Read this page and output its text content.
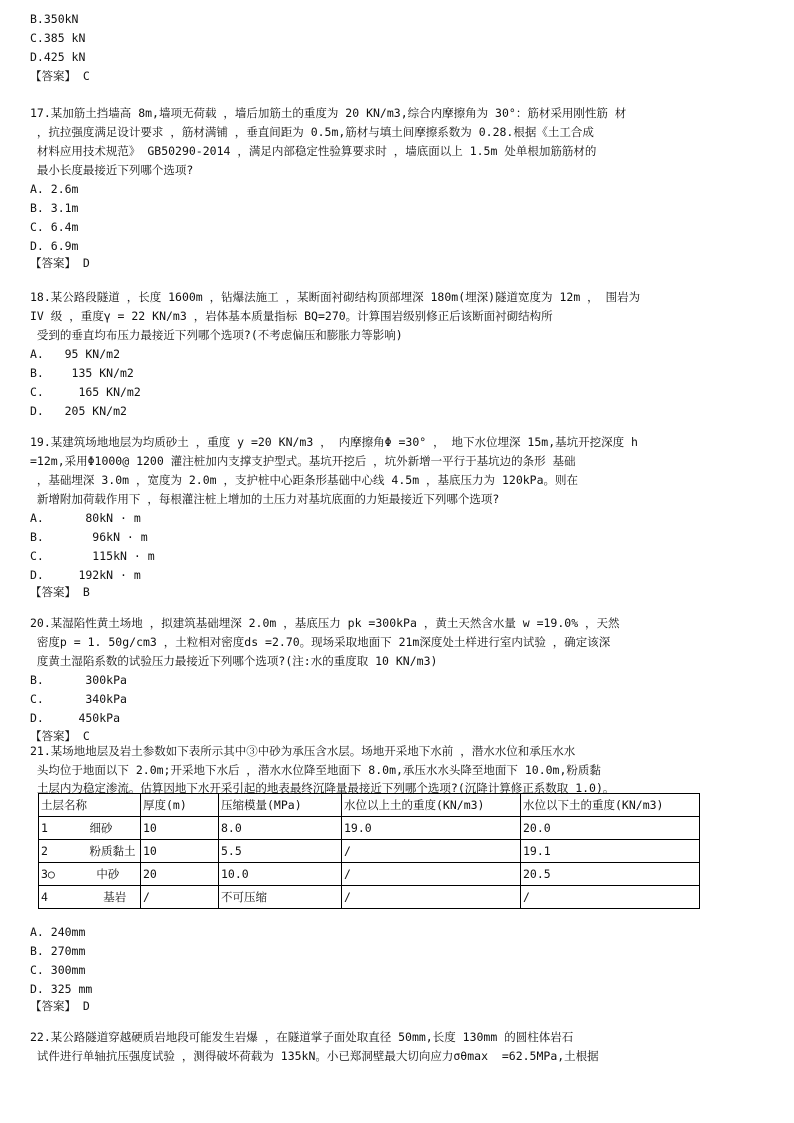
B.350kN
C.385 kN
D.425 kN
【答案】 C
17.某加筋土挡墙高 8m,墙项无荷载 ，墙后加筋土的重度为 20 KN/m3,综合内摩擦角为 30°：筋材采用刚性筋 材
，抗拉强度满足设计要求 ，筋材满铺 ，垂直间距为 0.5m,筋材与填土间摩擦系数为 0.28.根据《土工合成
材料应用技术规范》 GB50290-2014 ，满足内部稳定性验算要求时 ，墙底面以上 1.5m 处单根加筋筋材的
最小长度最接近下列哪个选项?
A. 2.6m
B. 3.1m
C. 6.4m
D. 6.9m
【答案】 D
18.某公路段隧道 ，长度 1600m ，钻爆法施工 ，某断面衬砌结构顶部埋深 180m(埋深)隧道宽度为 12m ， 围岩为
IV 级 ，重度γ = 22 KN/m3 ，岩体基本质量指标 BQ=270。计算围岩级别修正后该断面衬砌结构所
受到的垂直均布压力最接近下列哪个选项?(不考虑偏压和膨胀力等影响)
A.   95 KN/m2
B.    135 KN/m2
C.     165 KN/m2
D.   205 KN/m2
19.某建筑场地地层为均质砂土 ，重度 y =20 KN/m3 ， 内摩擦角Φ =30° ， 地下水位埋深 15m,基坑开挖深度 h
=12m,采用Φ1000@ 1200 灌注桩加内支撑支护型式。基坑开挖后 ，坑外新增一平行于基坑边的条形 基础
，基础埋深 3.0m ，宽度为 2.0m ，支护桩中心距条形基础中心线 4.5m ，基底压力为 120kPa。则在
新增附加荷载作用下 ，每根灌注桩上增加的土压力对基坑底面的力矩最接近下列哪个选项?
A.      80kN · m
B.       96kN · m
C.       115kN · m
D.     192kN · m
【答案】 B
20.某湿陷性黄土场地 ，拟建筑基础埋深 2.0m ，基底压力 pk =300kPa ，黄土天然含水量 w =19.0% ，天然
密度p = 1. 50g/cm3 ，土粒相对密度ds =2.70。现场采取地面下 21m深度处土样进行室内试验 ，确定该深
度黄土湿陷系数的试验压力最接近下列哪个选项?(注:水的重度取 10 KN/m3)
B.      300kPa
C.      340kPa
D.     450kPa
【答案】 C
21.某场地地层及岩土参数如下表所示其中③中砂为承压含水层。场地开采地下水前 ，潜水水位和承压水水
头均位于地面以下 2.0m;开采地下水后 ，潜水水位降至地面下 8.0m,承压水水头降至地面下 10.0m,粉质黏
土层内为稳定渗流。估算因地下水开采引起的地表最终沉降量最接近下列哪个选项?(沉降计算修正系数取 1.0)。
土层名称	厚度(m)	压缩模量(MPa)	水位以上土的重度(KN/m3)	水位以下土的重度(KN/m3)
1      细砂	10	8.0	19.0	20.0
2      粉质黏土	10	5.5	/	19.1
3○      中砂	20	10.0	/	20.5
4        基岩	/	不可压缩	/	/
A. 240mm
B. 270mm
C. 300mm
D. 325 mm
【答案】 D
22.某公路隧道穿越硬质岩地段可能发生岩爆 ，在隧道掌子面处取直径 50mm,长度 130mm 的圆柱体岩石
试件进行单轴抗压强度试验 ，测得破坏荷载为 135kN。小已郑洞壁最大切向应力σθmax  =62.5MPa,土根据
